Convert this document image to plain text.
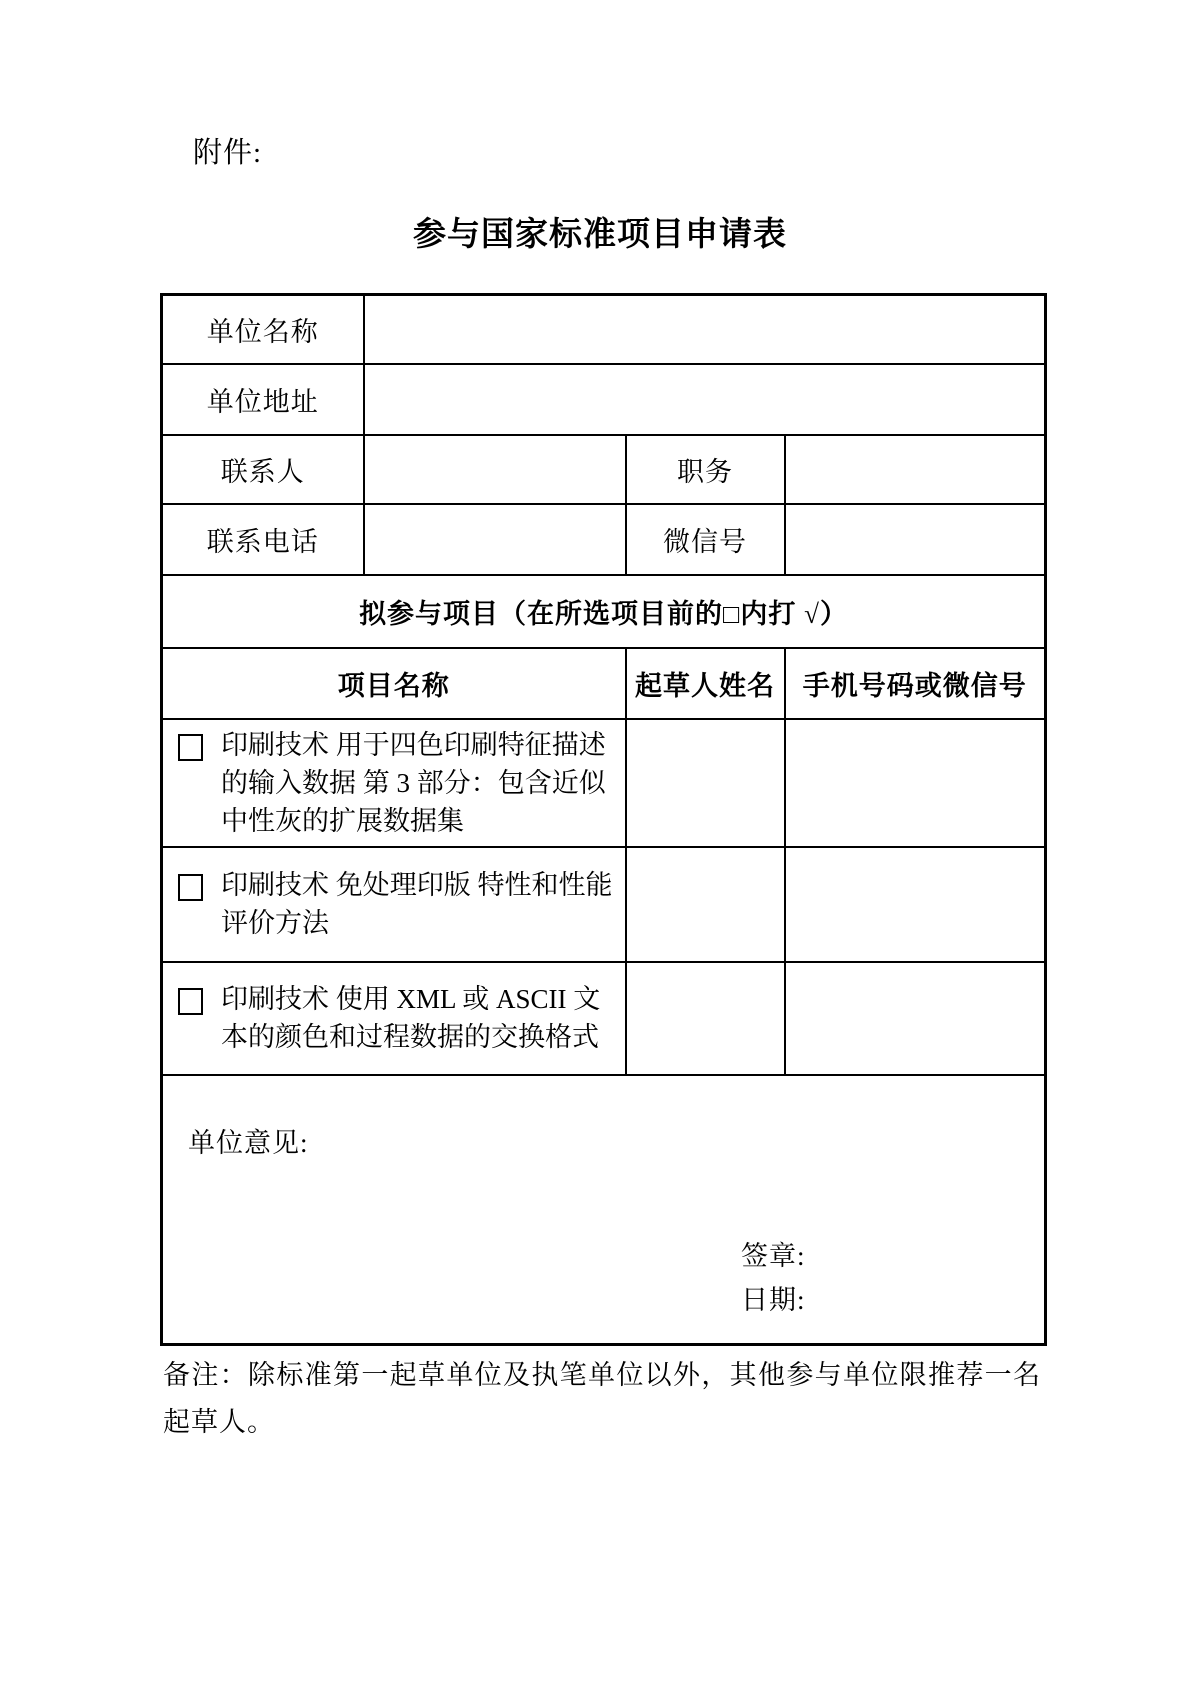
附件:
参与国家标准项目申请表
单位名称			
单位地址			
联系人		职务	
联系电话		微信号	
拟参与项目（在所选项目前的□内打 √）			
项目名称		起草人姓名	手机号码或微信号

印刷技术 用于四色印刷特征描述的输入数据 第 3 部分：包含近似中性灰的扩展数据集			

印刷技术 免处理印版 特性和性能评价方法			

印刷技术 使用 XML 或 ASCII 文本的颜色和过程数据的交换格式			

单位意见:
签章:
日期:			
备注：除标准第一起草单位及执笔单位以外，其他参与单位限推荐一名起草人。
